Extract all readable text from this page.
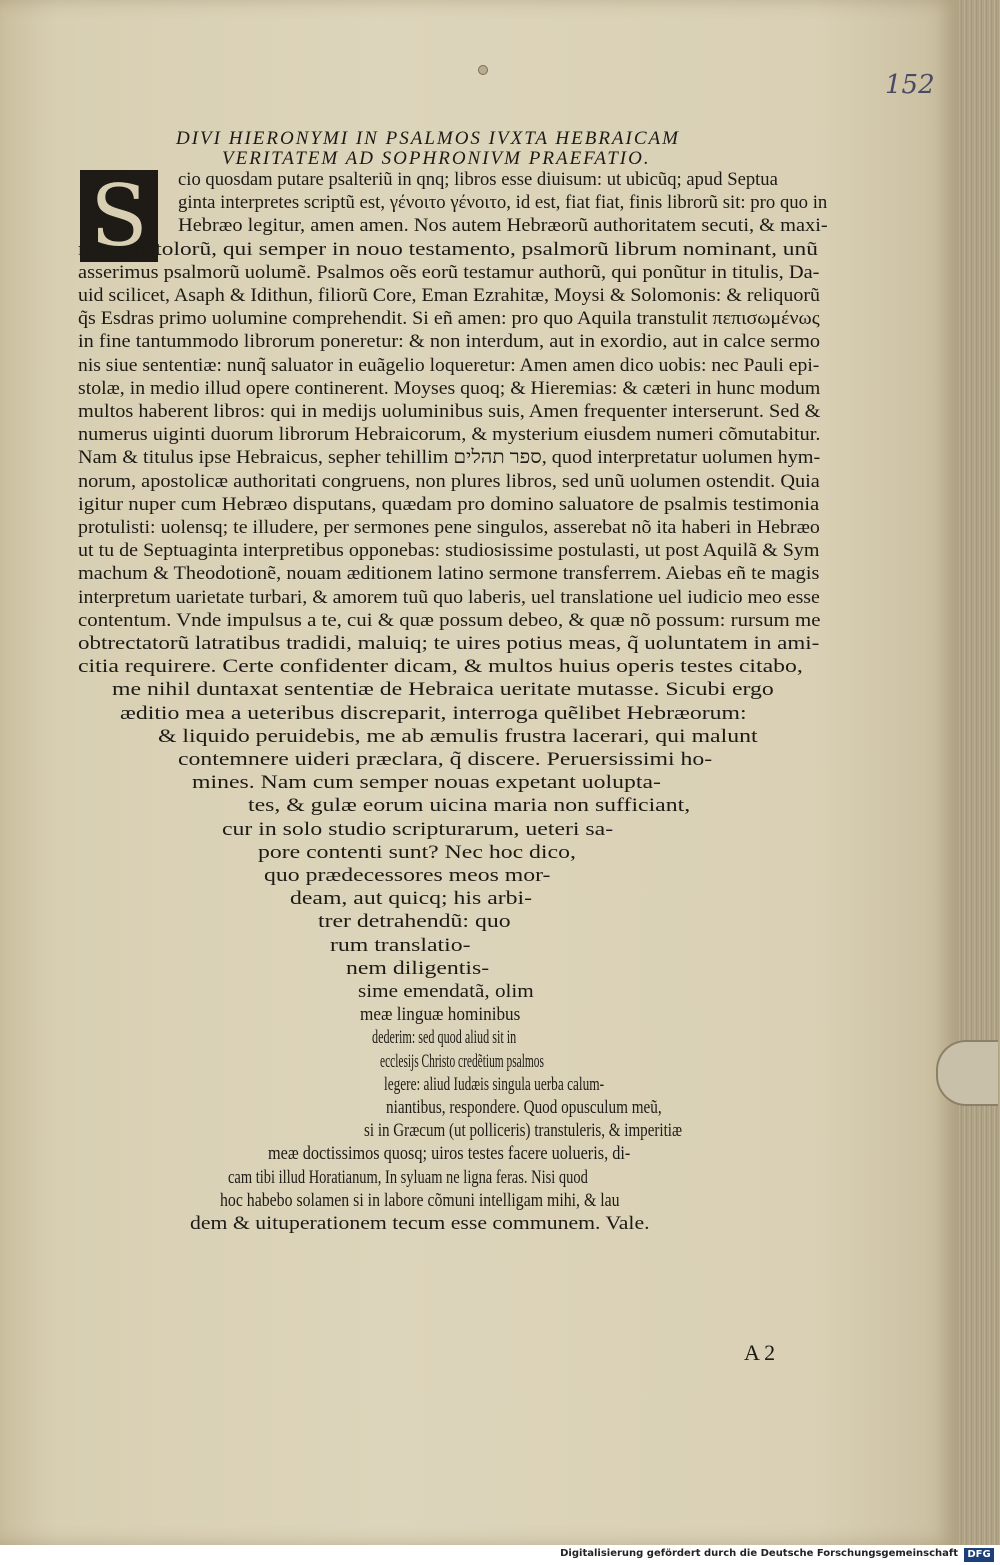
152
DIVI HIERONYMI IN PSALMOS IVXTA HEBRAICAM
VERITATEM AD SOPHRONIVM PRAEFATIO.
S	cio quosdam putare psalteriũ in qnq; libros esse diuisum: ut ubicũq; apud Septua
ginta interpretes scriptũ est, γένοιτο γένοιτο, id est, fiat fiat, finis librorũ sit: pro quo in
Hebræo legitur, amen amen. Nos autem Hebræorũ authoritatem secuti, & maxi-
me apostolorũ, qui semper in nouo testamento, psalmorũ librum nominant, unũ
asserimus psalmorũ uolumẽ. Psalmos oẽs eorũ testamur authorũ, qui ponũtur in titulis, Da-
uid scilicet, Asaph & Idithun, filiorũ Core, Eman Ezrahitæ, Moysi & Solomonis: & reliquorũ
q̃s Esdras primo uolumine comprehendit. Si eñ amen: pro quo Aquila transtulit πεπισωμένως
in fine tantummodo librorum poneretur: & non interdum, aut in exordio, aut in calce sermo
nis siue sententiæ: nunq̃ saluator in euãgelio loqueretur: Amen amen dico uobis: nec Pauli epi-
stolæ, in medio illud opere continerent. Moyses quoq; & Hieremias: & cæteri in hunc modum
multos haberent libros: qui in medijs uoluminibus suis, Amen frequenter interserunt. Sed &
numerus uiginti duorum librorum Hebraicorum, & mysterium eiusdem numeri cõmutabitur.
Nam & titulus ipse Hebraicus, sepher tehillim ספר תהלים, quod interpretatur uolumen hym-
norum, apostolicæ authoritati congruens, non plures libros, sed unũ uolumen ostendit. Quia
igitur nuper cum Hebræo disputans, quædam pro domino saluatore de psalmis testimonia
protulisti: uolensq; te illudere, per sermones pene singulos, asserebat nõ ita haberi in Hebræo
ut tu de Septuaginta interpretibus opponebas: studiosissime postulasti, ut post Aquilã & Sym
machum & Theodotionẽ, nouam æditionem latino sermone transferrem. Aiebas eñ te magis
interpretum uarietate turbari, & amorem tuũ quo laberis, uel translatione uel iudicio meo esse
contentum. Vnde impulsus a te, cui & quæ possum debeo, & quæ nõ possum: rursum me
obtrectatorũ latratibus tradidi, maluiq; te uires potius meas, q̃ uoluntatem in ami-
citia requirere. Certe confidenter dicam, & multos huius operis testes citabo,
me nihil duntaxat sententiæ de Hebraica ueritate mutasse. Sicubi ergo
æditio mea a ueteribus discreparit, interroga quẽlibet Hebræorum:
& liquido peruidebis, me ab æmulis frustra lacerari, qui malunt
contemnere uideri præclara, q̃ discere. Peruersissimi ho-
mines. Nam cum semper nouas expetant uolupta-
tes, & gulæ eorum uicina maria non sufficiant,
cur in solo studio scripturarum, ueteri sa-
pore contenti sunt? Nec hoc dico,
quo prædecessores meos mor-
deam, aut quicq; his arbi-
trer detrahendũ: quo
rum translatio-
nem diligentis-
sime emendatã, olim
meæ linguæ hominibus
dederim: sed quod aliud sit in
ecclesijs Christo credẽtium psalmos
legere: aliud Iudæis singula uerba calum-
niantibus, respondere. Quod opusculum meũ,
si in Græcum (ut polliceris) transtuleris, & imperitiæ
meæ doctissimos quosq; uiros testes facere uolueris, di-
cam tibi illud Horatianum, In syluam ne ligna feras. Nisi quod
hoc habebo solamen si in labore cõmuni intelligam mihi, & lau
dem & uituperationem tecum esse communem. Vale.
A 2
Digitalisierung gefördert durch die Deutsche Forschungsgemeinschaft DFG
